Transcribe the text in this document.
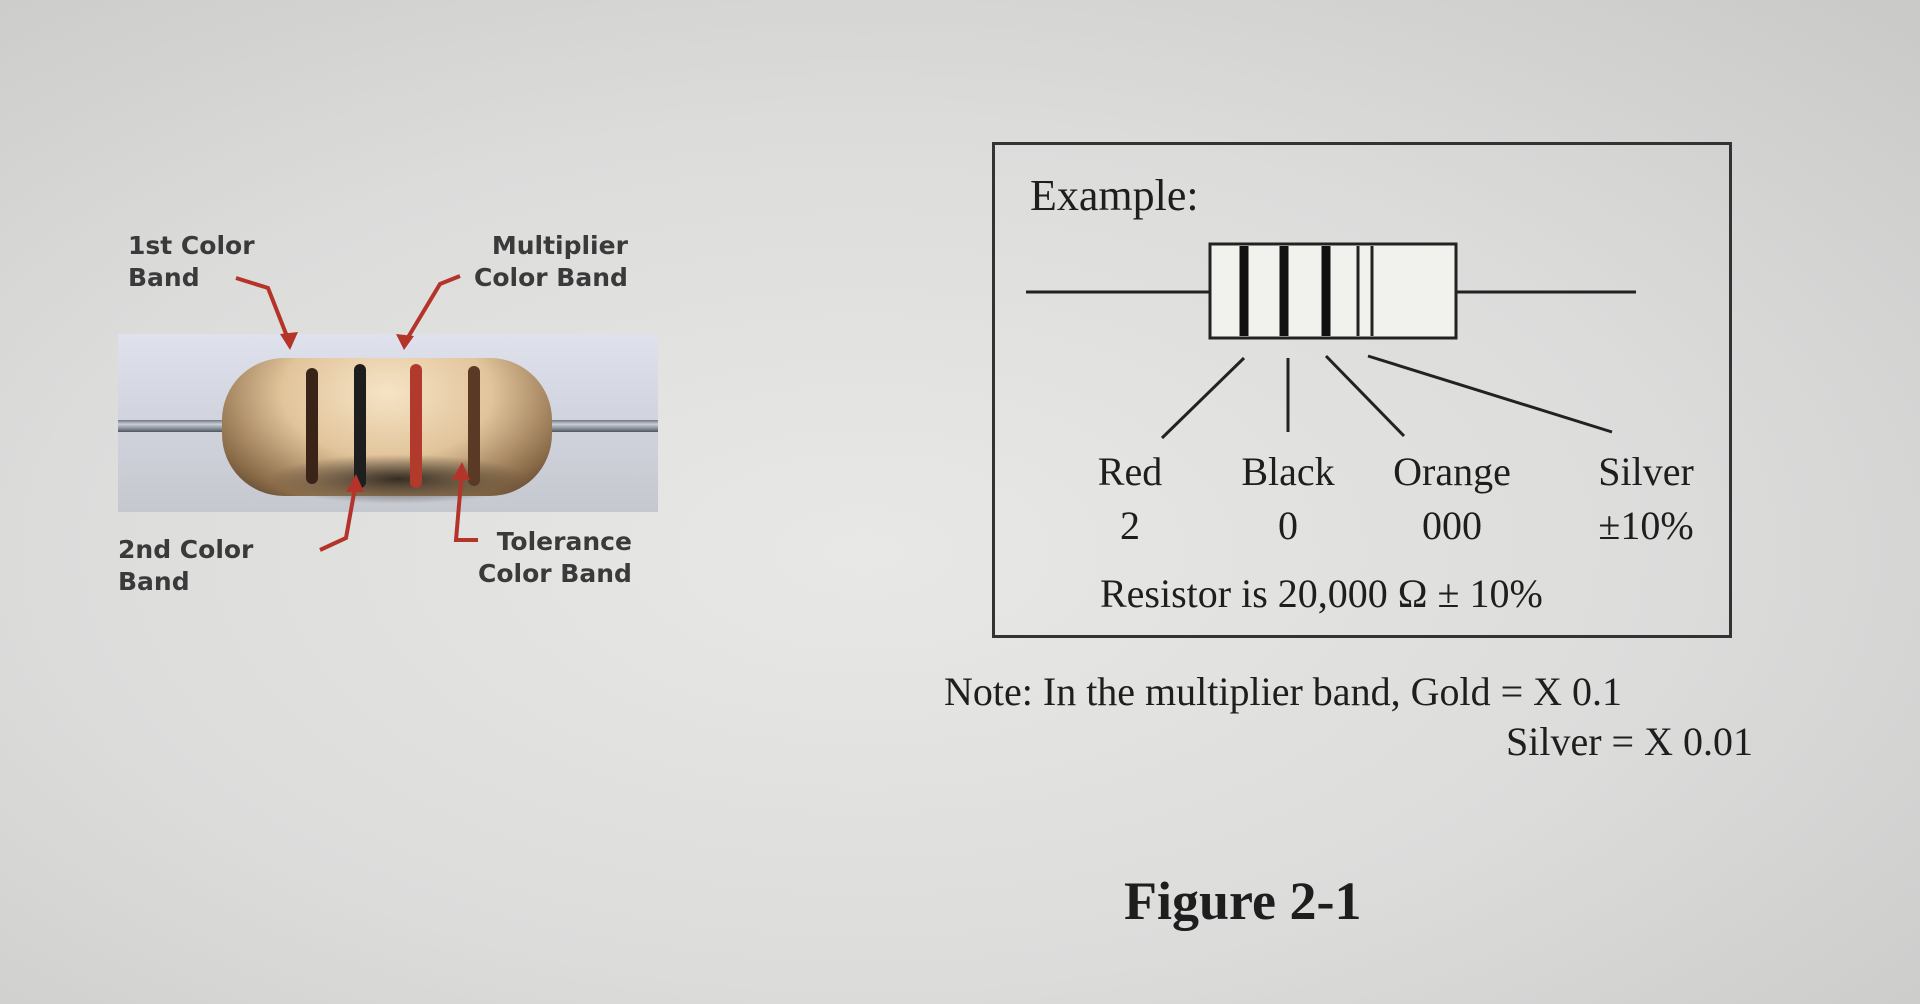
1st Color
Band
Multiplier
Color Band
2nd Color
Band
Tolerance
Color Band
Example:
Red
2
Black
0
Orange
000
Silver
±10%
Resistor is 20,000 Ω ± 10%
Note: In the multiplier band, Gold = X 0.1
Silver = X 0.01
Figure 2-1
